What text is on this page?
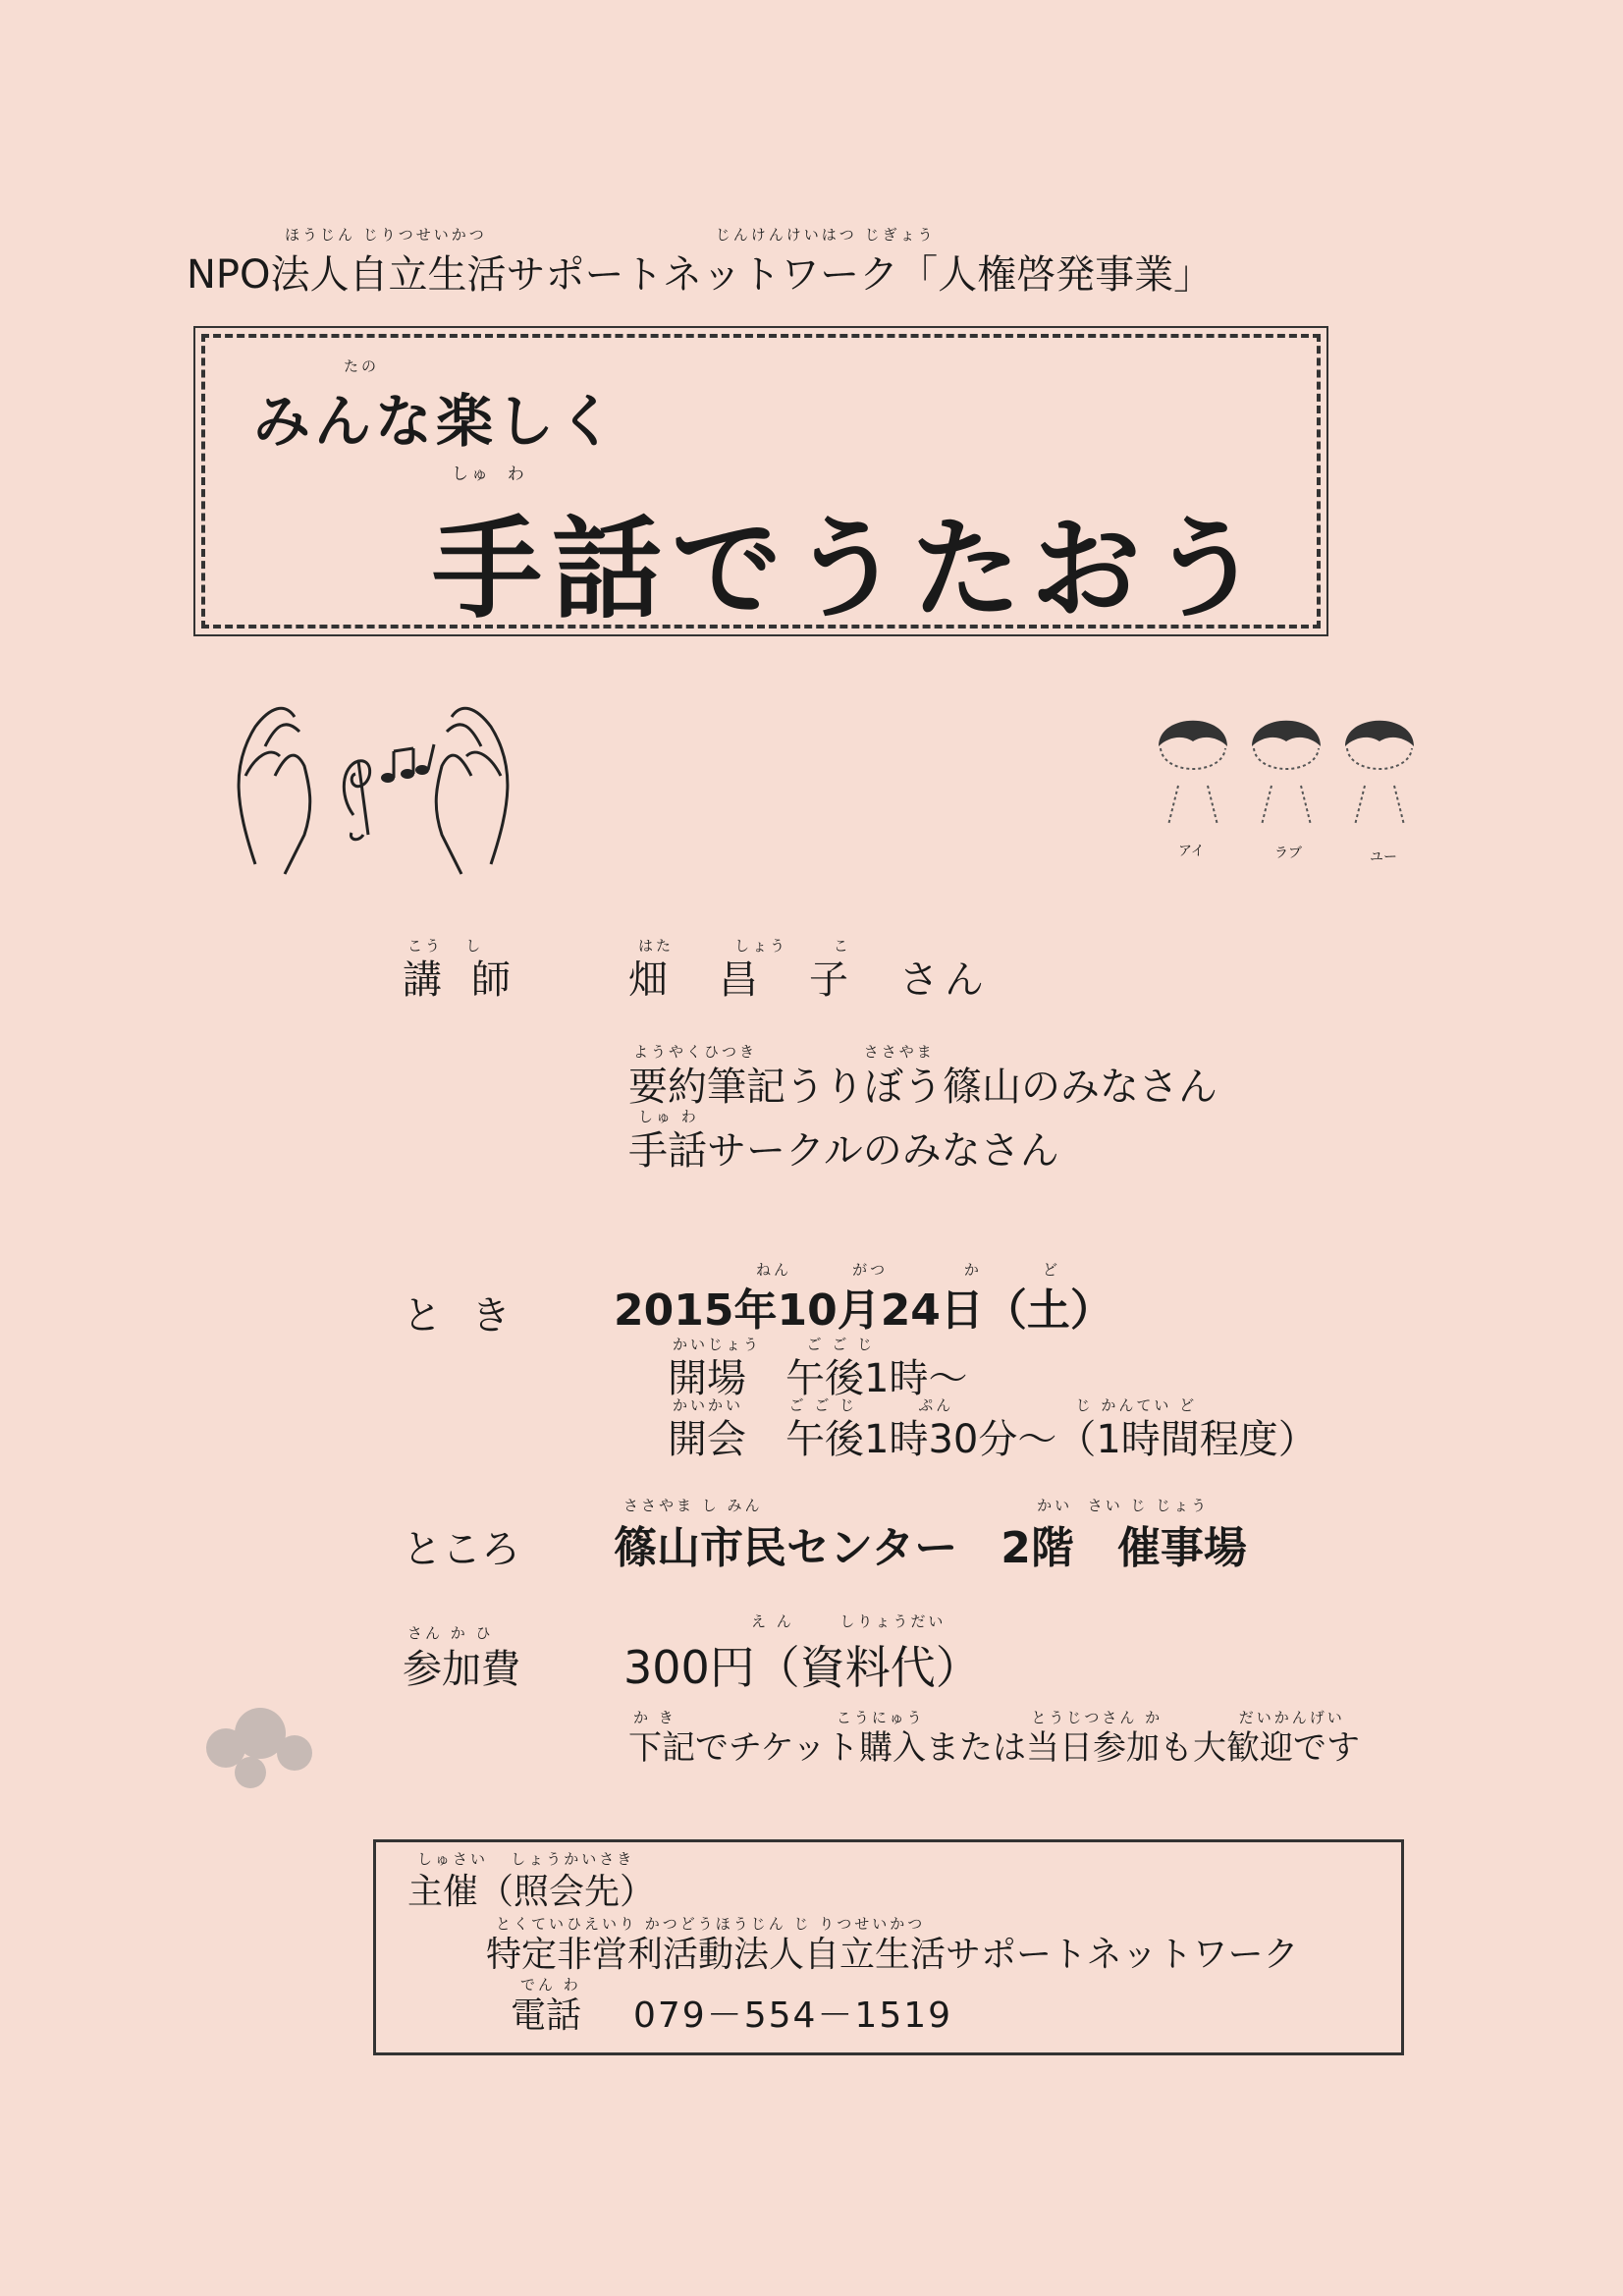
ほうじん じりつせいかつ                              じんけんけいはつ じぎょう
NPO法人自立生活サポートネットワーク「人権啓発事業」
たの
みんな楽しく
しゅ  わ
手話でうたおう
アイ	ラブ	ユー
こう   し
講師
はた        しょう      こ
畑　昌　子　さん
ようやくひつき              ささやま
要約筆記うりぼう篠山のみなさん
しゅ わ
手話サークルのみなさん
とき
ねん        がつ          か        ど
2015年10月24日（土）
かいじょう      ご ご じ
開場　午後1時～
かいかい      ご ご じ        ぷん                じ かんてい ど
開会　午後1時30分～（1時間程度）
ところ
ささやま し みん                                    かい  さい じ じょう
篠山市民センター　2階　催事場
さん か ひ
参加費
え ん      しりょうだい
300円（資料代）
か き                     こうにゅう              とうじつさん か          だいかんげい
下記でチケット購入または当日参加も大歓迎です
しゅさい   しょうかいさき
主催（照会先）
とくていひえいり かつどうほうじん じ りつせいかつ
特定非営利活動法人自立生活サポートネットワーク
でん わ
電話 079－554－1519
